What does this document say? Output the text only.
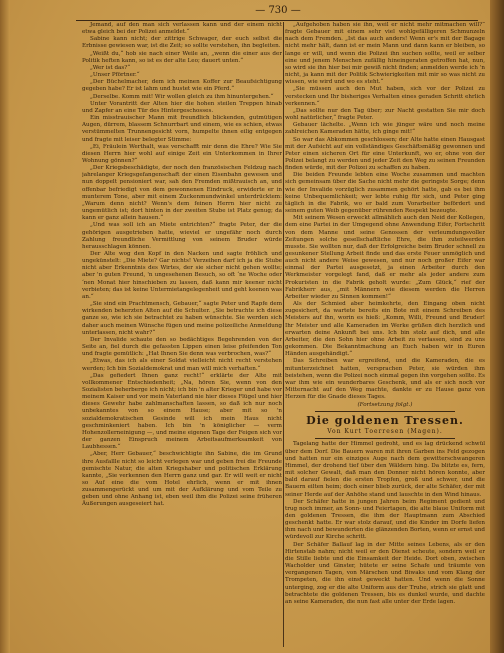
— 730 —

Jemand, auf den man sich verlassen kann und der einem nicht etwa gleich bei der Polizei anmeldet.“

Sabine kann nicht; der zittrige Schwager, der euch selbst die Erbnisse gewiesen war, ist die Zeit; so sollte verstehen, ihn begleiten.

„Weißt du,“ hob sie nach einer Weile an, „wenn die einer aus der Politik heften kann, so ist es der alte Leo; dauert unten.“

„Wer ist das?“

„Unser Pförtner.“

„Der Büchelmacher, dem ich meinen Koffer zur Beaufsichtigung gegeben habe? Er ist lahm und hustet wie ein Pferd.“

„Derselbe. Komm mit! Wir wollen gleich zu ihm hinuntergehen.“

Unter Vorantritt der Alten hier die hohen steilen Treppen hinab und Zapfer an eine Tür des Hintergeschosses.

Ein misstrauischer Mann mit freundlich blickenden, gutmütigen Augen, dürrem, blassem Schnurrbart und einem, wie es schien, etwas verstümmelten Trunnengesicht vorn, humpelte ihnen eilig entgegen und fragte mit leiser belegter Stimme:

„Ei, Fräulein Werthalt, was verschafft mir denn die Ehre? Wie Sie diesen Herrn hier wohl auf einige Zeit ein Unterkommen in Ihrer Wohnung gönnen?“

„Der Kriegsbeschädigte, der noch den französischen Feldzug nach jahrelanger Kriegsgefangenschaft der einen Eisenbahn gewesen und nun doppelt pensioniert war, sah den Fremden mißtrauisch an, und offenbar befriedigt von dem gewonnenen Eindruck, erwiderte er in munterem Tone, aber mit einem Zuckenmundwinkel unterdrücktem: „Warum denn nicht? Wenn's dem feinen Herrn hier nicht zu ungemütlich ist; dort hinten in der zweiten Stube ist Platz genug; da kann er ganz allein hausen.“

„Und was soll ich an Miete entrichten?“ fragte Peter, der die gehörigen ausgetrieben hatte, wieviel er ungefähr noch durch Zahlung freundliche Vermittlung von seinem Bruder würde herausschlagen können.

Der Alte wog den Kopf in den Nacken und sagte fröhlich und ungekünstelt: „Die Miete? Gar nichts! Verzeihen darf ich ja die Stube nicht aber Erkenntnis des Wirtes, der sie sicher nicht gehen wollte; aber 'n guten Freund, 'n ungesehenen Besuch, so oft ‘ne Woche oder ‘nen Monat hier hinschieben zu lassen, daß kann mir keener nicht verbieten; das ist keine Untermietangelegenheit und geht keenen was an.“

„Sie sind ein Prachtmensch, Gebauer,“ sagte Peter und Rapfe dem wirkenden beherzten Alten auf die Schulter. „Sie betrachte ich diese ganze so, wie ich sie betrachtet zu haben wünschte. Sie werden sich daher auch meinen Wünsche fügen und meine polizeiliche Anmeldung unterlassen, nicht wahr?“

Der Invalide schaute den so bedächtiges Begehrenden von der Seite an, fiel durch die gefassten Lippen einen leise pfeifenden Ton und fragte gemütlich: „Hat Ihnen Sie denn was verbrochen, was?“

„Etwas, das ich als einer Soldat vielleicht nicht recht verstehen werden; Ich bin Sozialdemokrat und man will mich verhaften.“

„Das gefiedert Ihnen ganz recht!“ erklärte der Alte mit vollkommener Entschiedenheit; „Na, hören Sie, wenn von den Sozialisten beherberge ich nicht; ich bin 'n alter Krieger und habe vor meinem Kaiser und vor mein Vaterland nie hier dieses Flügel und hier dieses Gewehr habe zahlmanschaften lassen, so daß ich nur noch unbekanntes von so einem Hause; aber mit so 'n sozialdemokratischen Gesinde will ich mein Haus nicht geschminkeniert haben. Ich bin 'n königlicher — verm Hohenzollerneinigung —, und meine eigenen Tage der Feigen sich vor der ganzen Einspruch meinem Arbeitsaufmerksamkeit von Laubhessen.“

„Aber, Herr Gebauer,“ beschwichtigte ihn Sabine, die im Grund ihre Ausfallle nicht so leicht verlegen war und geben frei die Freunde gemischte Natur, die alten Kriegshaber und politischen Erklärung kannte, „Sie verkennen den Herrn ganz und gar. Er will weit er nicht so Auf eine die vom Hotel ehrlich, wenn er mit ihnen zusammengerückt und um mit der Aufklärung und vom Teile zu geben und ohne Anhang ist, eben weil ihm die Polizei seine früheren Äußerungen ausgeseiert hat.

„Aufgehoben haben sie ihn, weil er nicht mehr mitmachen will?“ fragte Gebauer mit einem sehr viel wohlgefälligeren Schmunzeln nach dem Fremden. „Ist das auch anders! Wenn er's mit der Bagage nicht mehr hält, dann ist er mein Mann und dann kann er bleiben, so lange er will, und wenn die Polizei ihn suchen sollte, weil er selber eine und jenem Menschen zufällig hineingeraten getroffen hat, nun, so wird sie ihn hier bei mir gewiß nicht finden; anmelden werde ich 'n nicht, ja kann mit der Politik Schwierigkeiten mit mir so was nicht zu wissen, wie wird und wo es steht.“

„Sie müssen auch den Mut haben, sich vor der Polizei zu verstecken und Ihr bisheriges Verhalten eines geraden Schritt ehrlich verkennen.“

„Das sollte nur den Tag über; zur Nacht gestatten Sie mir doch wohl natürlicher,“ fragte Peter.

Gebauer lächelte. „Wenn ich wie jünger wäre und noch meine zahlreichen Kameraden hätte, ich ginge mit!“

So war das Abkommen geschlossen; der Alte hatte einen Hausgast mit der Aufsicht auf ein vollständiges Geschäftsmäßig gewonnen und Peter einen sicheren Ort für eine Unterkunft, wo er, ohne von der Polizei belangt zu werden und jeder Zeit den Weg zu seinen Freunden finden würde, mit der Polizei zu schaffen zu haben.

Die beiden Freunde lebten eine Woche zusammen und machten sich gemeinsam über die Sache nicht mehr die geringste Sorge; denn wie der Invalide vorzüglich zusammen gehört hatte, gab es bei ihm keine Unbequemlichkeit; wer lebte ruhig für sich, und Peter ging täglich in die Fabrik, wo er bald zum Vorarbeiter befördert und seinem guten Weib gegenüber rührenden Respekt bezeugte.

Mit seinem Wesen erweckt allmählich auch den Neid der Kollegen, dem eine Partei in der Umgegend ohne Anwendung Eifer, Fortschritt von dem Manne und seine Genossen der verleumdungsvoller Zeitungen solche gesellschaftliche Ehre, die ihm zuteilwerden musste. Sie wollten nur, daß der Erfolgreiche beim Bruder schnell zu gesunkener Stellung Arbeit finde und das erste Feuer unmöglich und auch nicht andere Weise gewesen, und nur noch großer Eifer war einmal der Partei ausgesetzt, ja einen Arbeiter durch den Werkmeister vorgelegt fand, daß er mehr als jeder andere zum Prokuristen in die Fabrik geholt wurde: „Zum Glück,“ rief der Fabrikherr aus, „mit Männern wie diesem werden die Herren Arbeiter wieder zu Sinnen kommen!“

Als der Schmied aber heimkehrte, den Eingang oben nicht zugesichert, da wartete bereits ein Bote mit einem Schreiben des Meisters auf ihn, worin es hieß: „Komm, Willi, Freund und Bruder! Ihr Meister und alle Kameraden im Werke grüßen dich herzlich und erwarten deine Ankunft bei uns. Ich bin stolz auf dich, und alle Arbeiter, die den Sohn hier ohne Arbeit zu verlassen, sind zu uns gekommen. Die Bekanntmachung an Euch haben wir in Euren Händen ausgehändigt.“

Das Schreiben war ergreifend, und die Kameraden, die es mitunterzeichnet hatten, versprachen Peter, sie würden ihm beistehen, wenn die Polizei noch einmal gegen ihn vorgehen sollte. Es war ihm wie ein wunderbares Geschenk, und als er sich noch vor Mitternacht auf den Weg machte, dankte er zu Hause ganz von Herzen für die Gnade dieses Tages.

(Fortsetzung folgt.)

Die goldenen Tressen.
Von Kurt Toerresen (Magen).

Tagelang hatte der Himmel gedroht, und es lag drückend schwül über dem Dorf. Die Bauern waren mit ihren Garben ins Feld gezogen und hatten nur ein einziges Auge nach dem gewitterschwangeren Himmel, der drohend tief über den Wäldern hing. Da blitzte es, fern, mit solcher Gewalt, daß man den Donner nicht hören konnte, aber bald darauf fielen die ersten Tropfen, groß und schwer, und die Bauern eilten heim; doch einer blieb zurück, der alte Schäfer, der mit seiner Herde auf der Anhöhe stand und lauschte in den Wind hinaus.

Der Schäfer hatte in jungen Jahren beim Regiment gedient und trug noch immer, an Sonn- und Feiertagen, die alte blaue Uniform mit den goldenen Tressen, die ihm der Hauptmann zum Abschied geschenkt hatte. Er war stolz darauf, und die Kinder im Dorfe liefen ihm nach und bewunderten die glänzenden Borten, wenn er ernst und würdevoll zur Kirche schritt.

Der Schäfer Ballauf lag in der Mitte seines Lebens, als er den Hirtenstab nahm; nicht weil er den Dienst scheute, sondern weil er die Stille liebte und die Einsamkeit der Heide. Dort oben, zwischen Wacholder und Ginster, hütete er seine Schafe und träumte von vergangenen Tagen, von Märschen und Biwaks und vom Klang der Trompeten, die ihn einst geweckt hatten. Und wenn die Sonne unterging, zog er die alte Uniform aus der Truhe, strich sie glatt und betrachtete die goldenen Tressen, bis es dunkel wurde, und dachte an seine Kameraden, die nun fast alle unter der Erde lagen.
